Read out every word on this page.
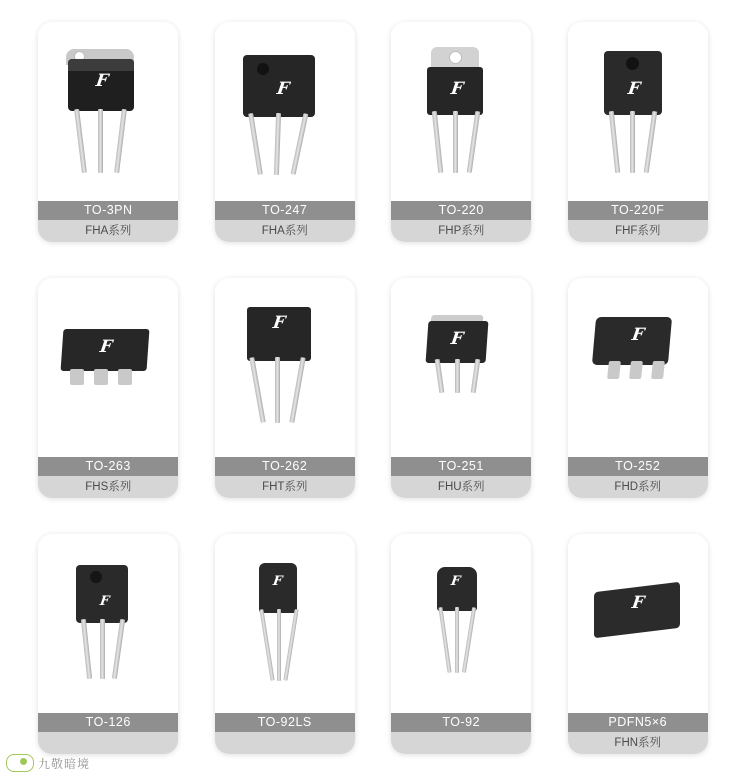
F
TO‑3PN
FHA系列
F
TO‑247
FHA系列
F
TO‑220
FHP系列
F
TO‑220F
FHF系列
F
TO‑263
FHS系列
F
TO‑262
FHT系列
F
TO‑251
FHU系列
F
TO‑252
FHD系列
F
TO‑126
F
TO‑92LS
F
TO‑92
F
PDFN5×6
FHN系列
九敬暗境
